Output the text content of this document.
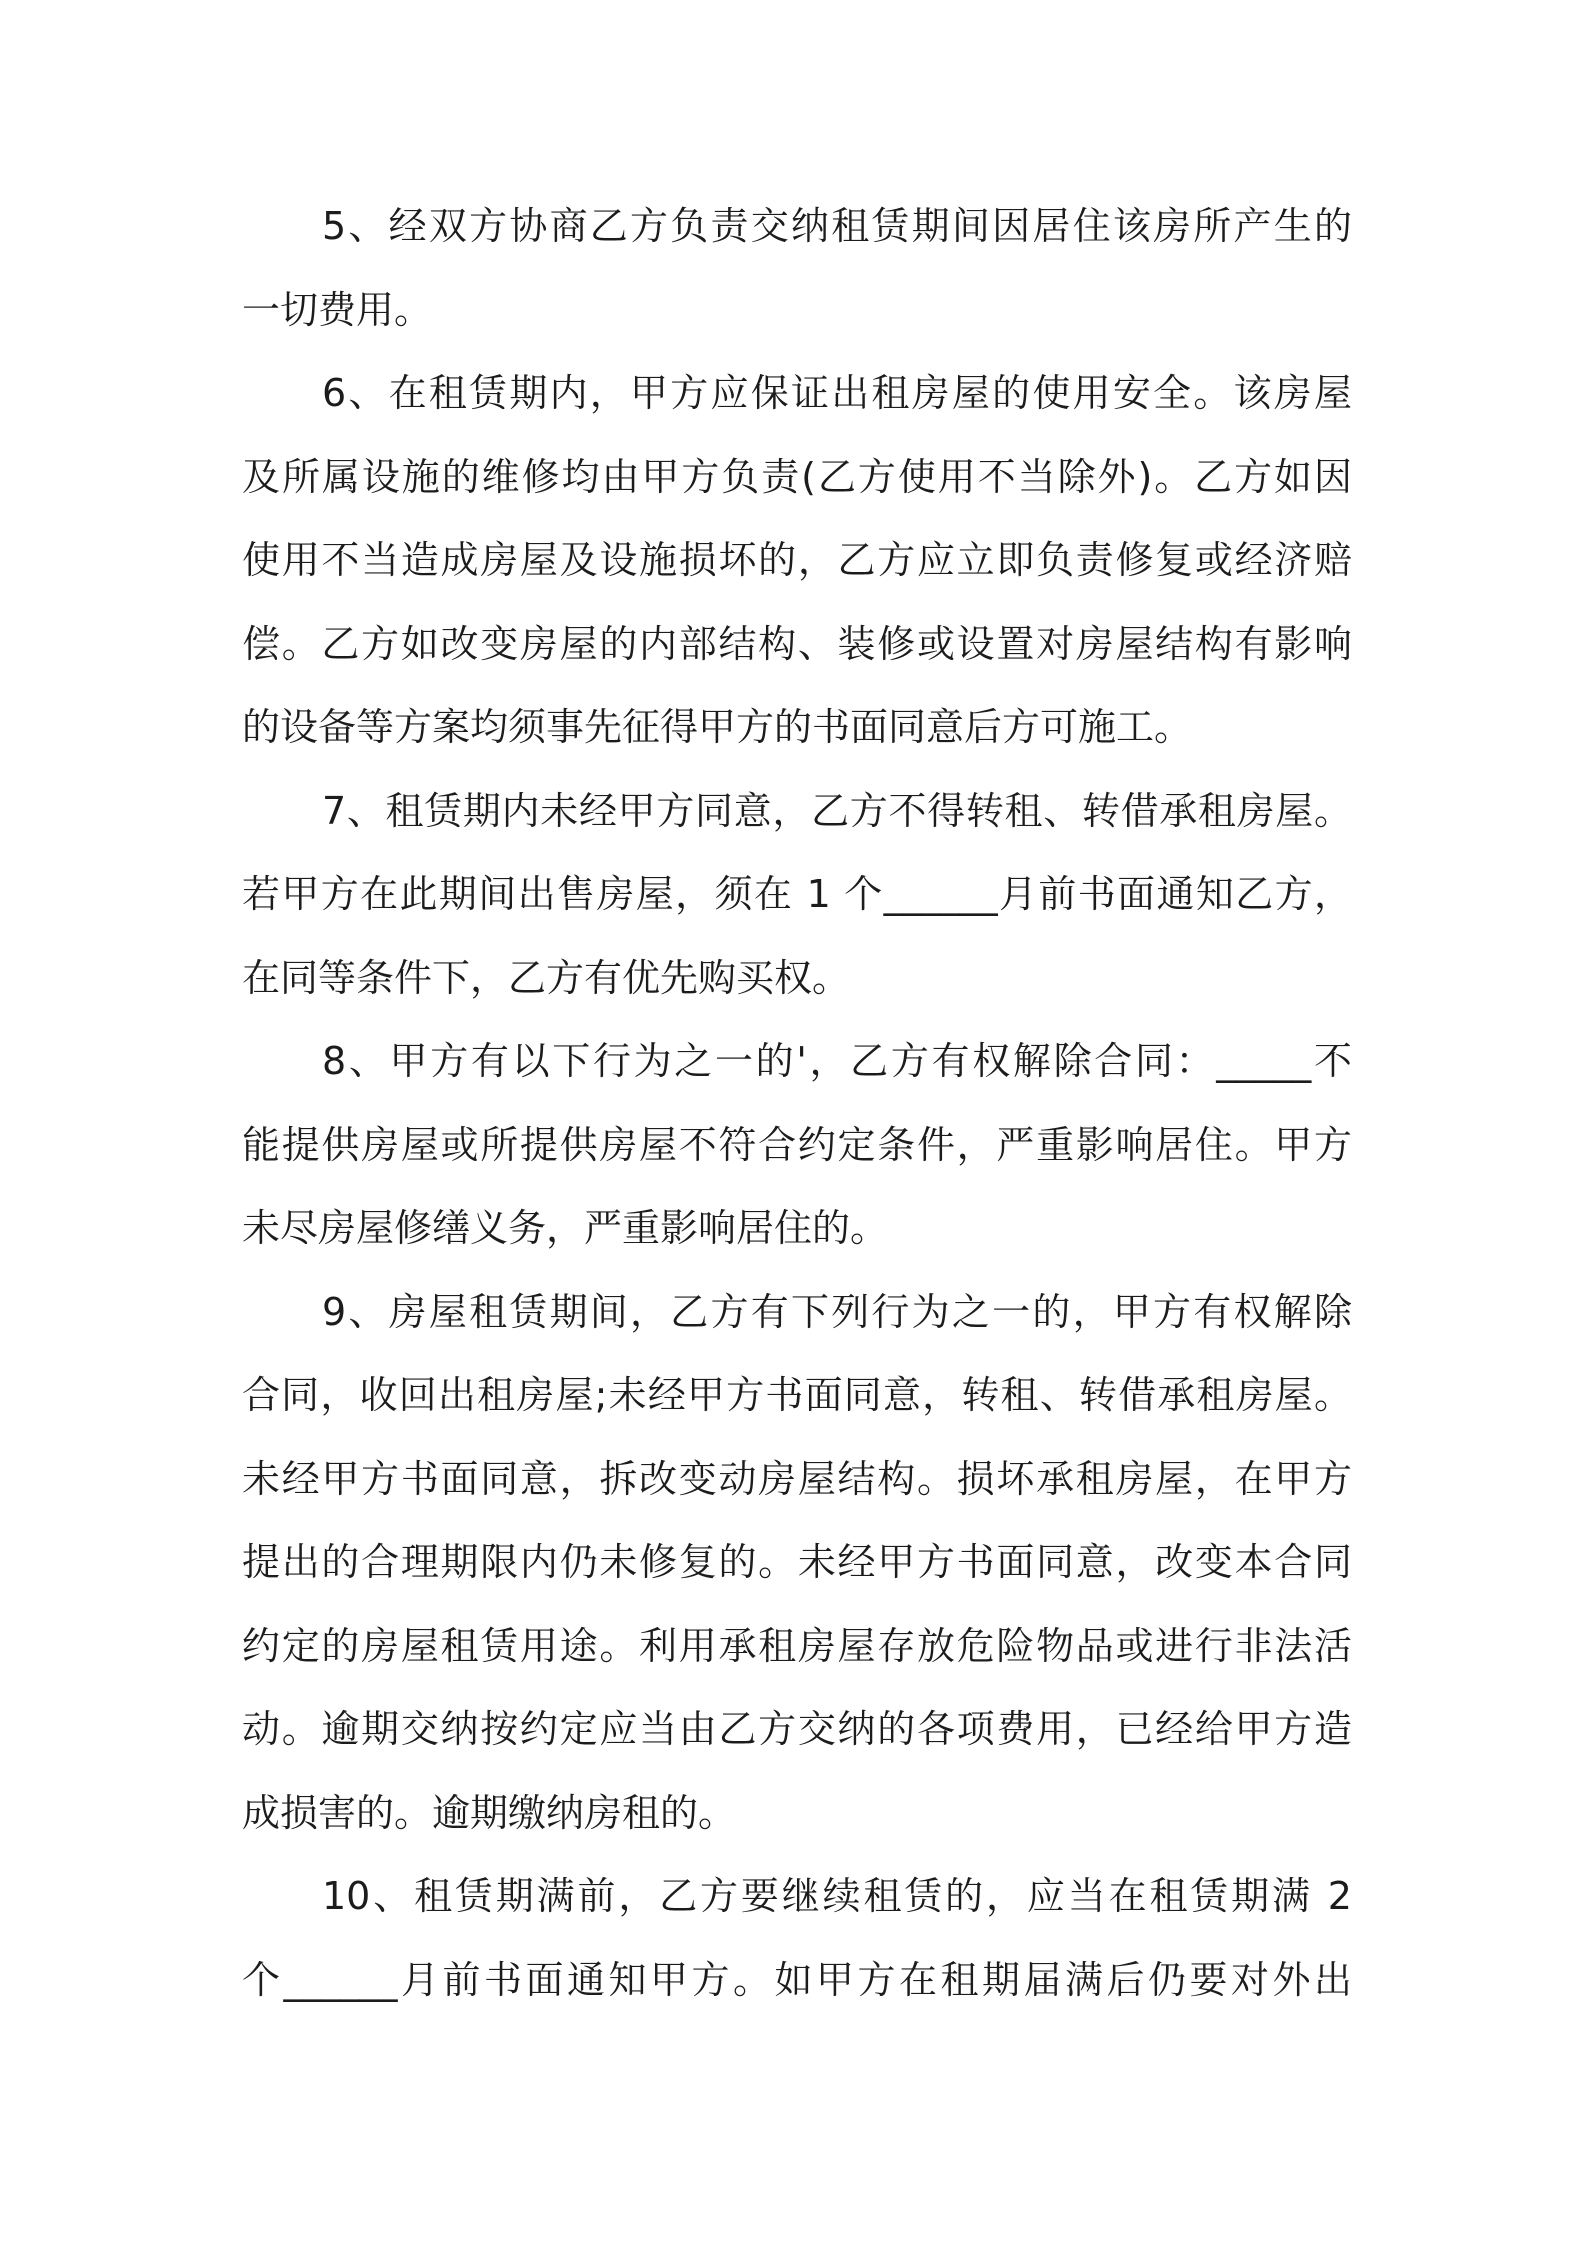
5、经双方协商乙方负责交纳租赁期间因居住该房所产生的
一切费用。
6、在租赁期内，甲方应保证出租房屋的使用安全。该房屋
及所属设施的维修均由甲方负责(乙方使用不当除外)。乙方如因
使用不当造成房屋及设施损坏的，乙方应立即负责修复或经济赔
偿。乙方如改变房屋的内部结构、装修或设置对房屋结构有影响
的设备等方案均须事先征得甲方的书面同意后方可施工。
7、租赁期内未经甲方同意，乙方不得转租、转借承租房屋。
若甲方在此期间出售房屋，须在 1 个______月前书面通知乙方，
在同等条件下，乙方有优先购买权。
8、甲方有以下行为之一的'，乙方有权解除合同：_____不
能提供房屋或所提供房屋不符合约定条件，严重影响居住。甲方
未尽房屋修缮义务，严重影响居住的。
9、房屋租赁期间，乙方有下列行为之一的，甲方有权解除
合同，收回出租房屋;未经甲方书面同意，转租、转借承租房屋。
未经甲方书面同意，拆改变动房屋结构。损坏承租房屋，在甲方
提出的合理期限内仍未修复的。未经甲方书面同意，改变本合同
约定的房屋租赁用途。利用承租房屋存放危险物品或进行非法活
动。逾期交纳按约定应当由乙方交纳的各项费用，已经给甲方造
成损害的。逾期缴纳房租的。
10、租赁期满前，乙方要继续租赁的，应当在租赁期满 2
个______月前书面通知甲方。如甲方在租期届满后仍要对外出
